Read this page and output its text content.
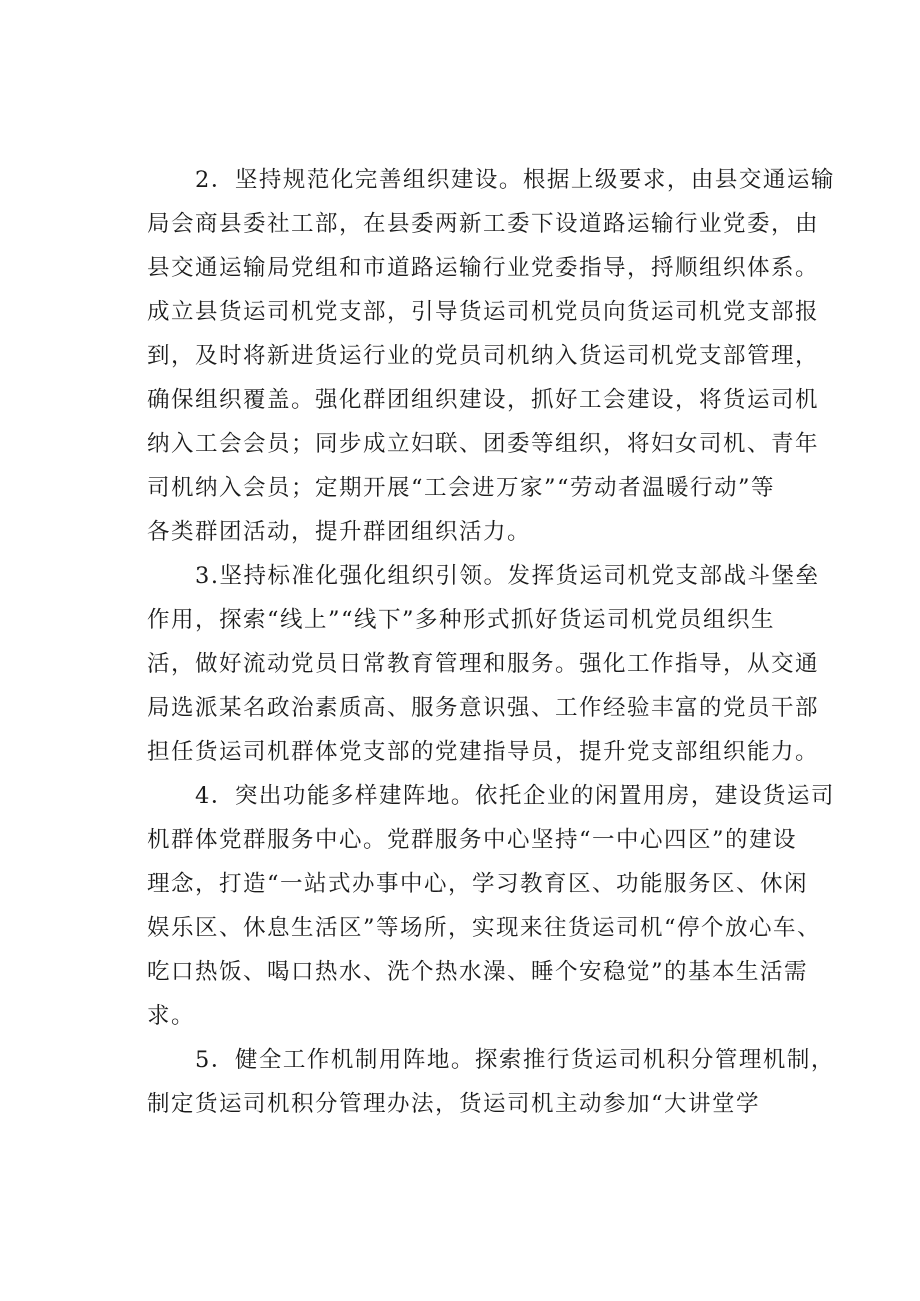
2．坚持规范化完善组织建设。根据上级要求，由县交通运输
局会商县委社工部，在县委两新工委下设道路运输行业党委，由
县交通运输局党组和市道路运输行业党委指导，捋顺组织体系。
成立县货运司机党支部，引导货运司机党员向货运司机党支部报
到，及时将新进货运行业的党员司机纳入货运司机党支部管理，
确保组织覆盖。强化群团组织建设，抓好工会建设，将货运司机
纳入工会会员；同步成立妇联、团委等组织，将妇女司机、青年
司机纳入会员；定期开展“工会进万家”“劳动者温暖行动”等
各类群团活动，提升群团组织活力。
3.坚持标准化强化组织引领。发挥货运司机党支部战斗堡垒
作用，探索“线上”“线下”多种形式抓好货运司机党员组织生
活，做好流动党员日常教育管理和服务。强化工作指导，从交通
局选派某名政治素质高、服务意识强、工作经验丰富的党员干部
担任货运司机群体党支部的党建指导员，提升党支部组织能力。
4．突出功能多样建阵地。依托企业的闲置用房，建设货运司
机群体党群服务中心。党群服务中心坚持“一中心四区”的建设
理念，打造“一站式办事中心，学习教育区、功能服务区、休闲
娱乐区、休息生活区”等场所，实现来往货运司机“停个放心车、
吃口热饭、喝口热水、洗个热水澡、睡个安稳觉”的基本生活需
求。
5．健全工作机制用阵地。探索推行货运司机积分管理机制，
制定货运司机积分管理办法，货运司机主动参加“大讲堂学
